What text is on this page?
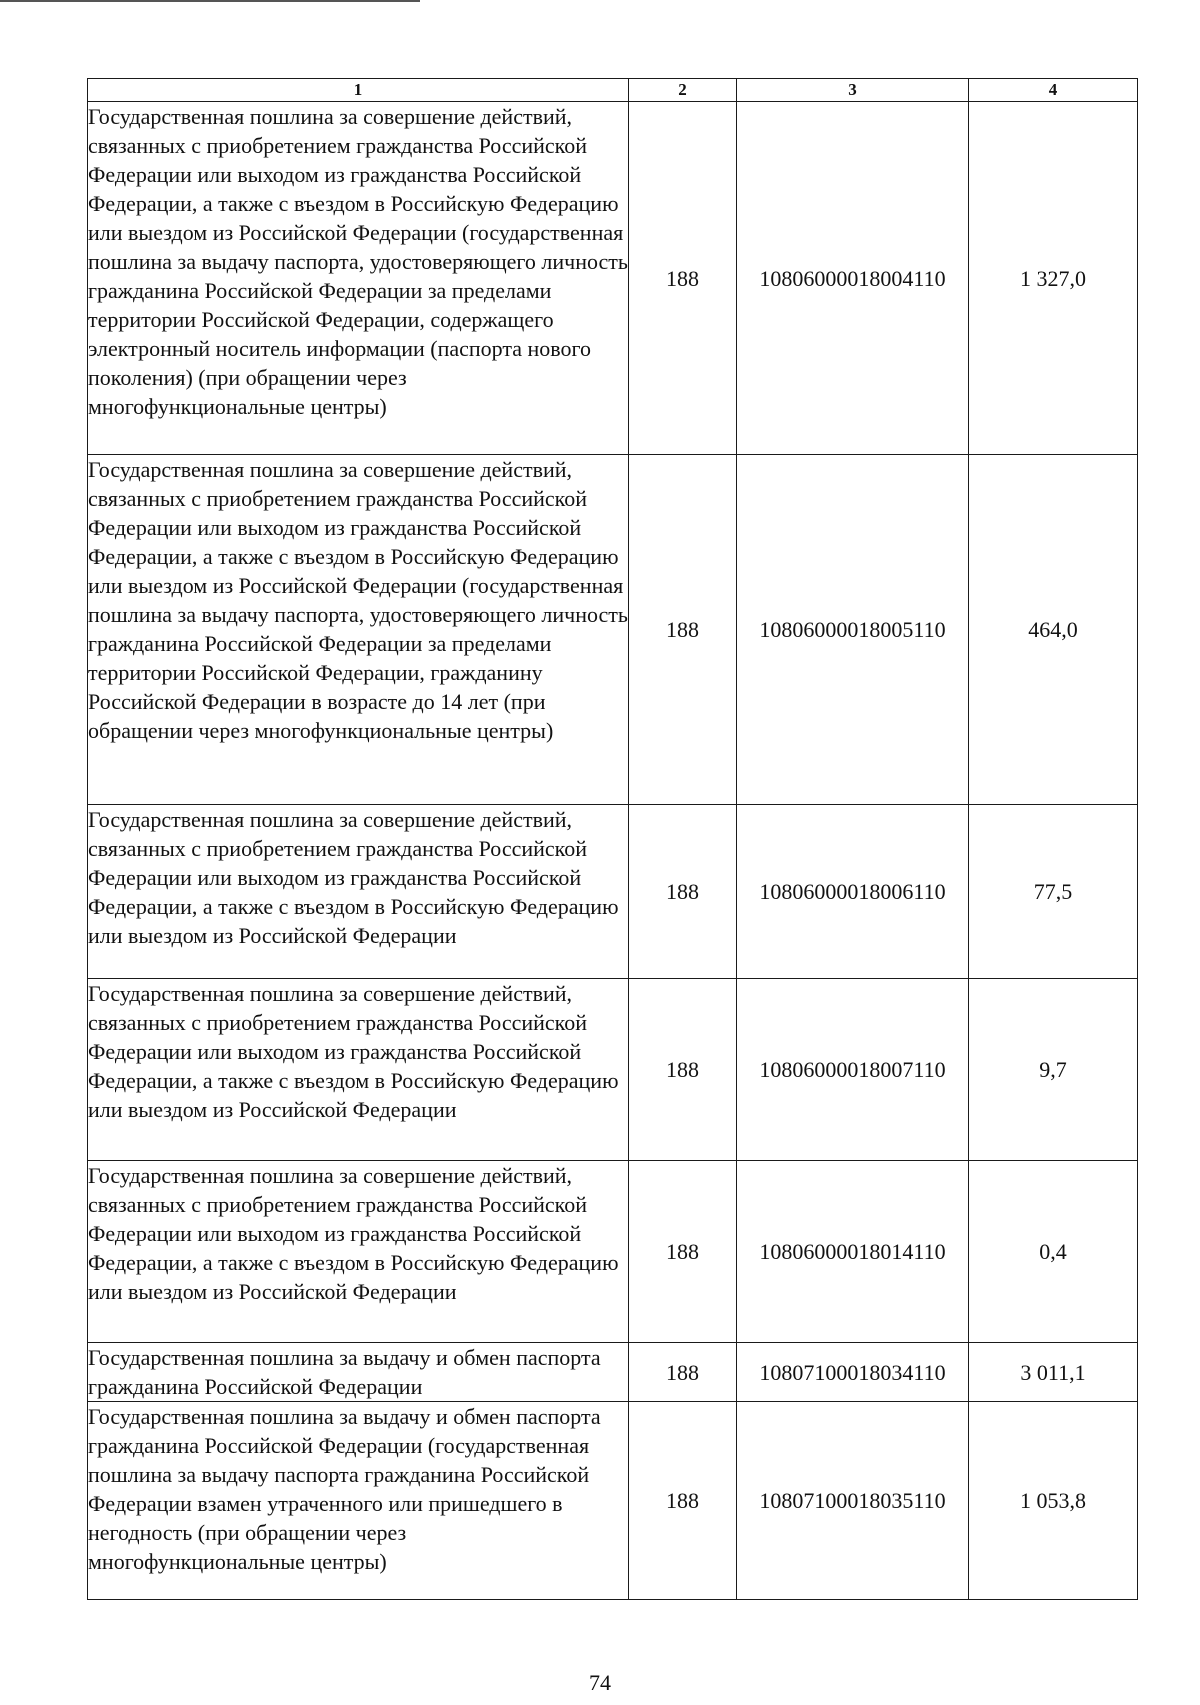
1	2	3	4
Государственная пошлина за совершение действий, связанных с приобретением гражданства Российской Федерации или выходом из гражданства Российской Федерации, а также с въездом в Российскую Федерацию или выездом из Российской Федерации (государственная пошлина за выдачу паспорта, удостоверяющего личность гражданина Российской Федерации за пределами территории Российской Федерации, содержащего электронный носитель информации (паспорта нового поколения) (при обращении через многофункциональные центры)	188	10806000018004110	1 327,0
Государственная пошлина за совершение действий, связанных с приобретением гражданства Российской Федерации или выходом из гражданства Российской Федерации, а также с въездом в Российскую Федерацию или выездом из Российской Федерации (государственная пошлина за выдачу паспорта, удостоверяющего личность гражданина Российской Федерации за пределами территории Российской Федерации, гражданину Российской Федерации в возрасте до 14 лет (при обращении через многофункциональные центры)	188	10806000018005110	464,0
Государственная пошлина за совершение действий, связанных с приобретением гражданства Российской Федерации или выходом из гражданства Российской Федерации, а также с въездом в Российскую Федерацию или выездом из Российской Федерации	188	10806000018006110	77,5
Государственная пошлина за совершение действий, связанных с приобретением гражданства Российской Федерации или выходом из гражданства Российской Федерации, а также с въездом в Российскую Федерацию или выездом из Российской Федерации	188	10806000018007110	9,7
Государственная пошлина за совершение действий, связанных с приобретением гражданства Российской Федерации или выходом из гражданства Российской Федерации, а также с въездом в Российскую Федерацию или выездом из Российской Федерации	188	10806000018014110	0,4
Государственная пошлина за выдачу и обмен паспорта гражданина Российской Федерации	188	10807100018034110	3 011,1
Государственная пошлина за выдачу и обмен паспорта гражданина Российской Федерации (государственная пошлина за выдачу паспорта гражданина Российской Федерации взамен утраченного или пришедшего в негодность (при обращении через многофункциональные центры)	188	10807100018035110	1 053,8
74
